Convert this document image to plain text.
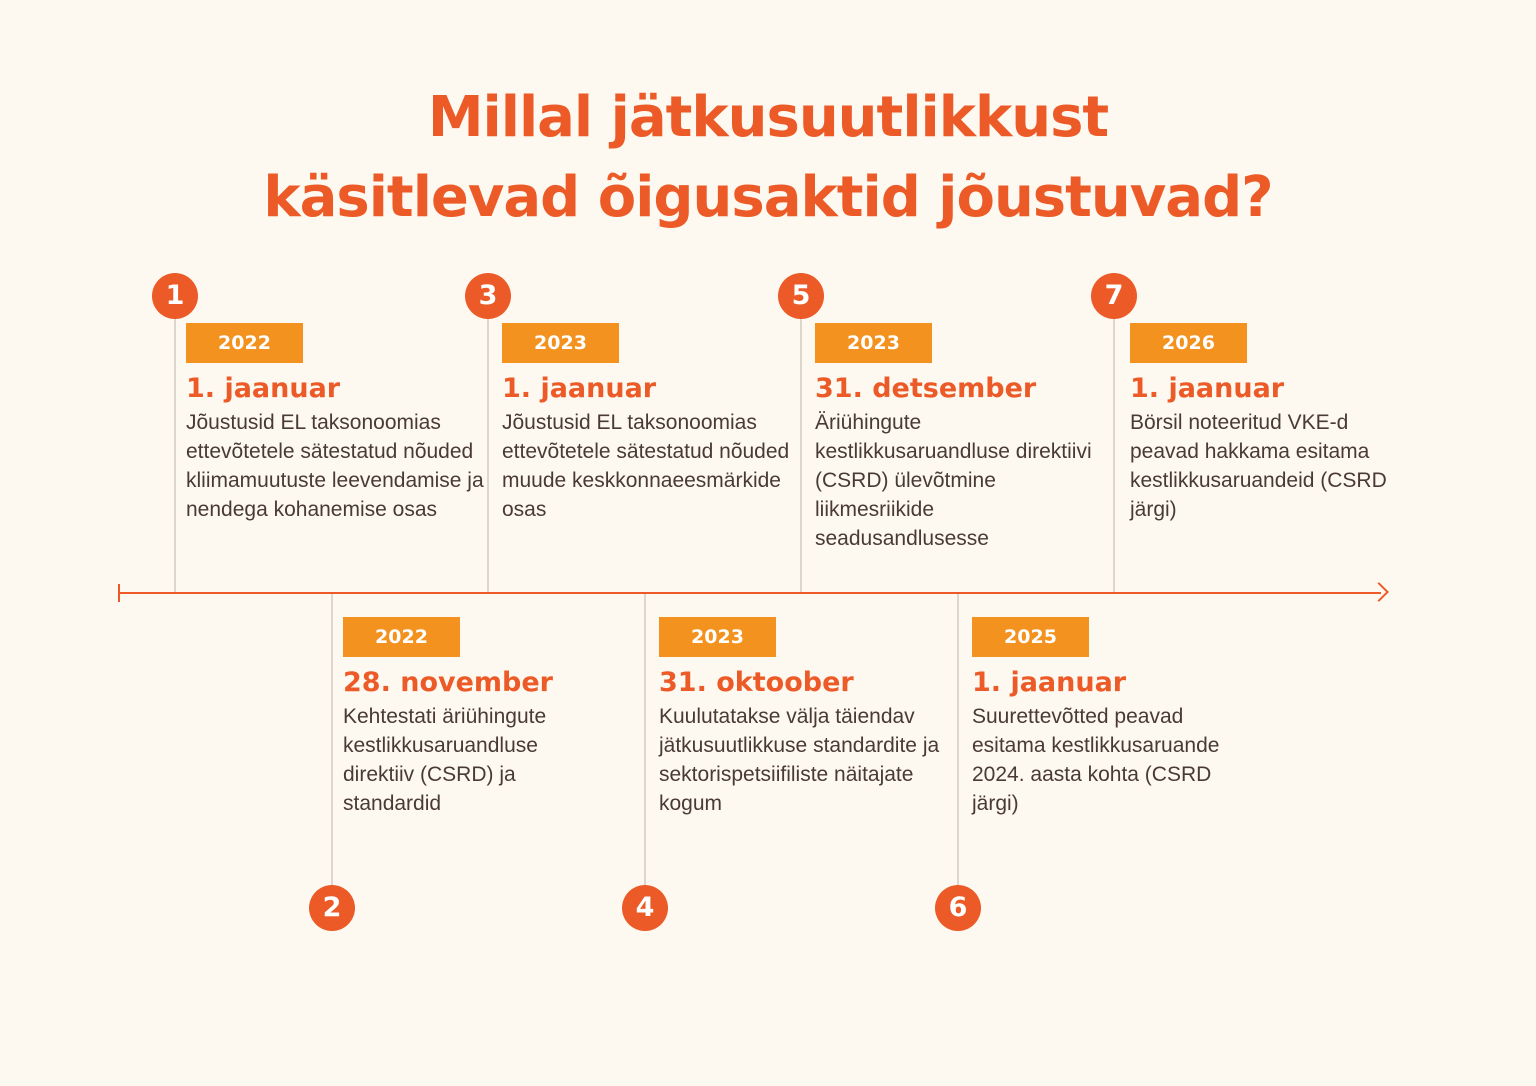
Millal jätkusuutlikkust
käsitlevad õigusaktid jõustuvad?
1	3	5	7
2	4	6
2022
1. jaanuar
Jõustusid EL taksonoomias ettevõtetele sätestatud nõuded kliimamuutuste leevendamise ja nendega kohanemise osas
2023
1. jaanuar
Jõustusid EL taksonoomias ettevõtetele sätestatud nõuded muude keskkonnaeesmärkide osas
2023
31. detsember
Äriühingute kestlikkusaruandluse direktiivi (CSRD) ülevõtmine liikmesriikide seadusandlusesse
2026
1. jaanuar
Börsil noteeritud VKE-d peavad hakkama esitama kestlikkusaruandeid (CSRD järgi)
2022
28. november
Kehtestati äriühingute kestlikkusaruandluse direktiiv (CSRD) ja standardid
2023
31. oktoober
Kuulutatakse välja täiendav jätkusuutlikkuse standardite ja sektorispetsiifiliste näitajate kogum
2025
1. jaanuar
Suurettevõtted peavad esitama kestlikkusaruande 2024. aasta kohta (CSRD järgi)
